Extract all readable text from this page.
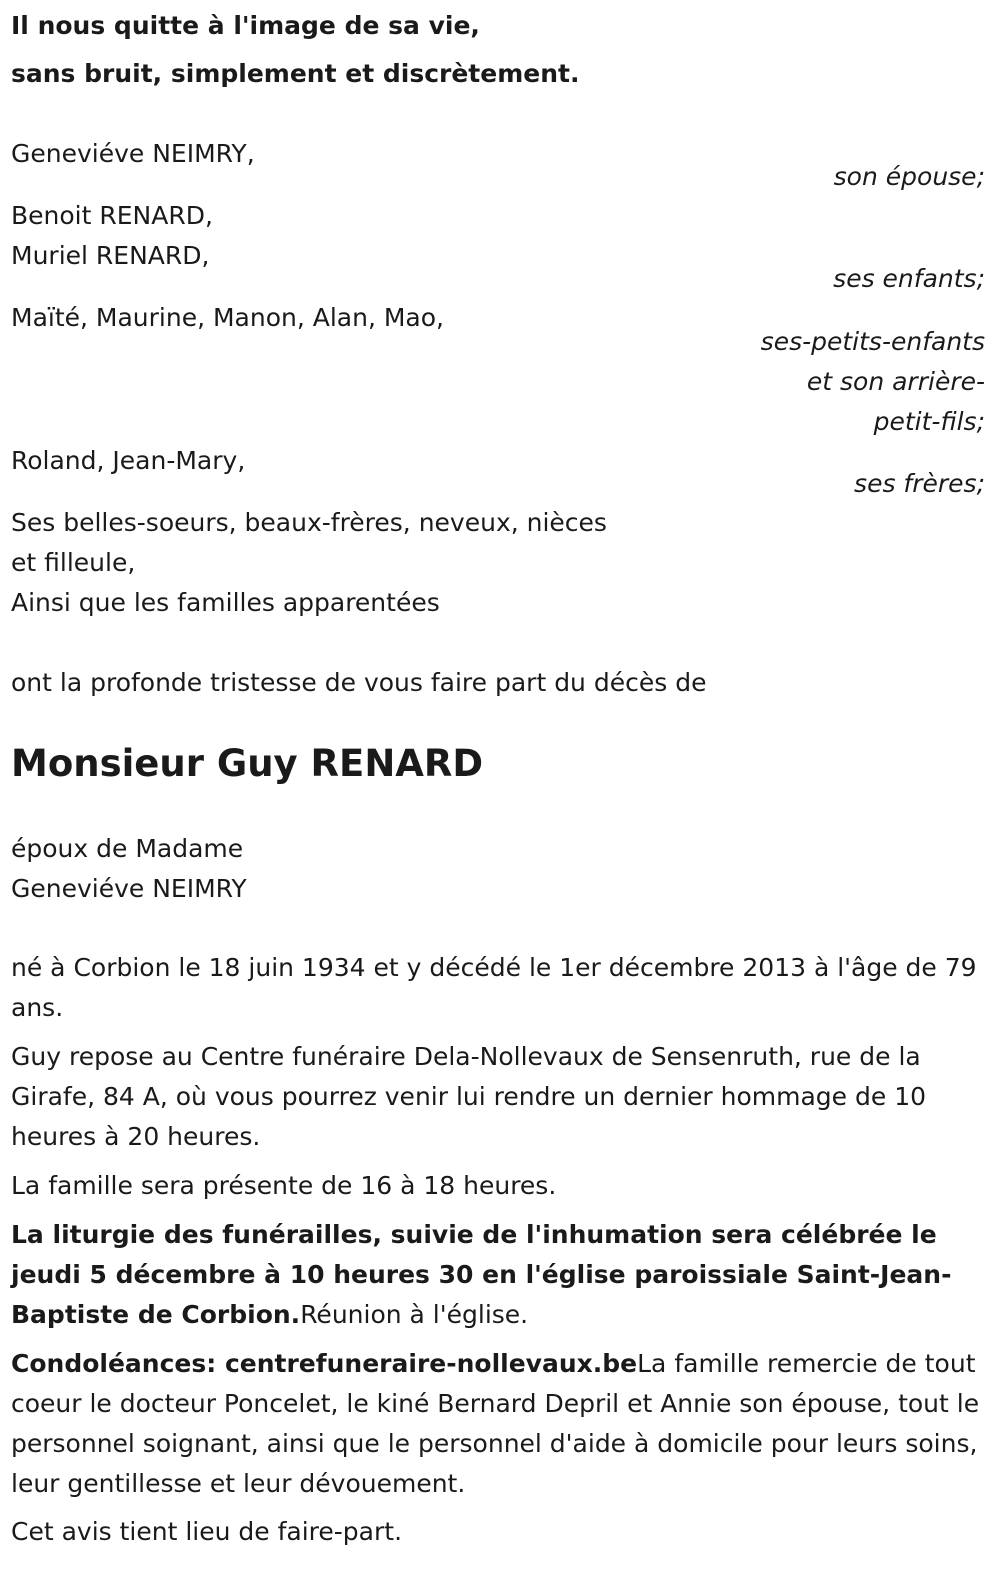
Il nous quitte à l'image de sa vie,

sans bruit, simplement et discrètement.

Geneviéve NEIMRY,

son épouse;

Benoit RENARD,

Muriel RENARD,

ses enfants;

Maïté, Maurine, Manon, Alan, Mao,

ses-petits-enfants

et son arrière-

petit-fils;

Roland, Jean-Mary,

ses frères;

Ses belles-soeurs, beaux-frères, neveux, nièces

et filleule,

Ainsi que les familles apparentées

ont la profonde tristesse de vous faire part du décès de

Monsieur Guy RENARD

époux de Madame

Geneviéve NEIMRY

né à Corbion le 18 juin 1934 et y décédé le 1er décembre 2013 à l'âge de 79 ans.

Guy repose au Centre funéraire Dela-Nollevaux de Sensenruth, rue de la Girafe, 84 A, où vous pourrez venir lui rendre un dernier hommage de 10 heures à 20 heures.

La famille sera présente de 16 à 18 heures.

La liturgie des funérailles, suivie de l'inhumation sera célébrée le jeudi 5 décembre à 10 heures 30 en l'église paroissiale Saint-Jean-Baptiste de Corbion.Réunion à l'église.

Condoléances: centrefuneraire-nollevaux.beLa famille remercie de tout coeur le docteur Poncelet, le kiné Bernard Depril et Annie son épouse, tout le personnel soignant, ainsi que le personnel d'aide à domicile pour leurs soins, leur gentillesse et leur dévouement.

Cet avis tient lieu de faire-part.
